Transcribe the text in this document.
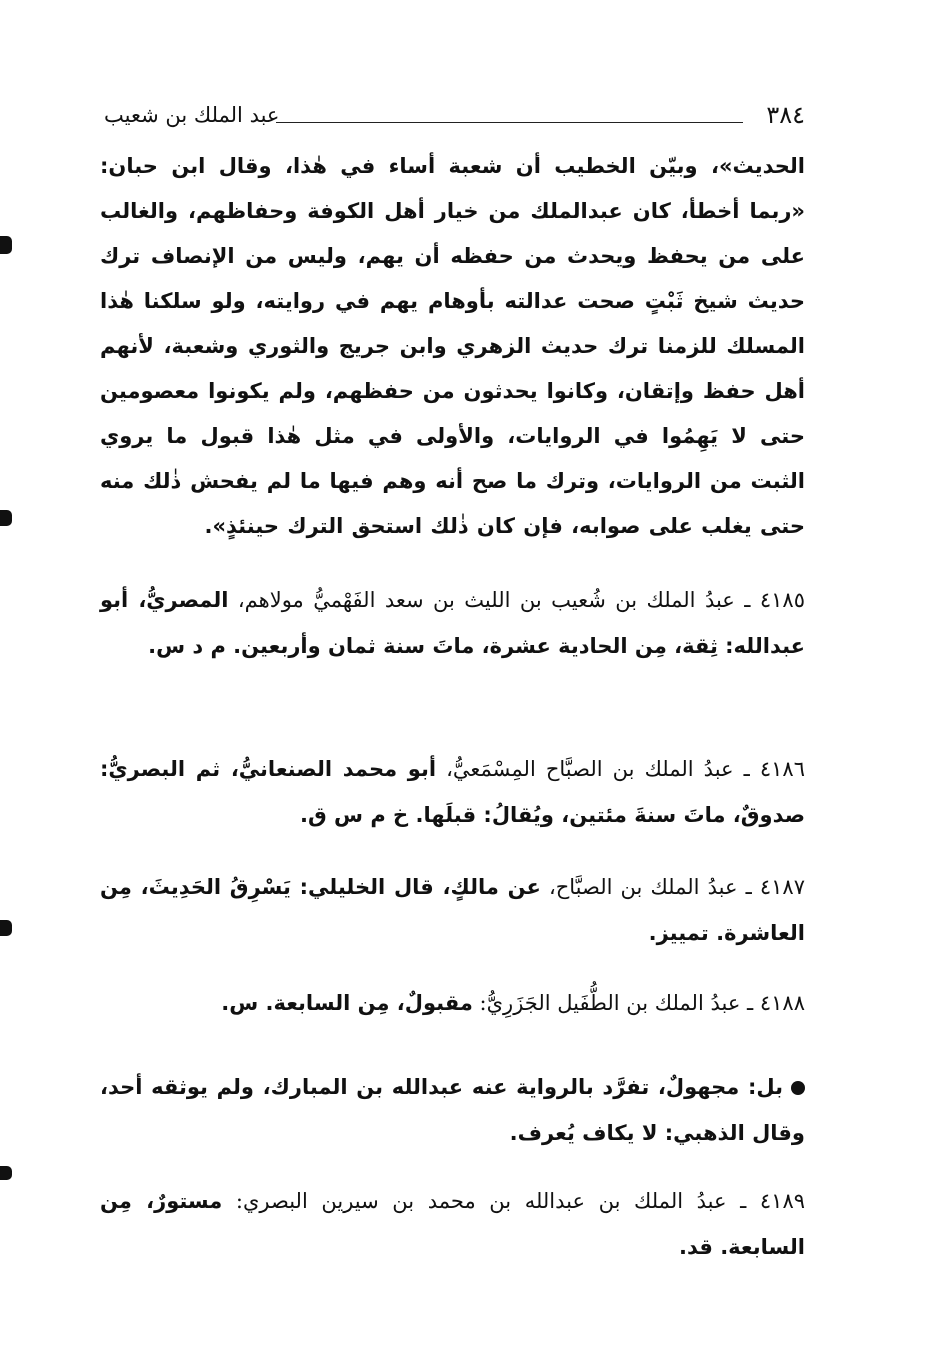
٣٨٤
عبد الملك بن شعيب

الحديث»، وبيّن الخطيب أن شعبة أساء في هٰذا، وقال ابن حبان: «ربما أخطأ، كان عبدالملك من خيار أهل الكوفة وحفاظهم، والغالب على من يحفظ ويحدث من حفظه أن يهم، وليس من الإنصاف ترك حديث شيخ ثَبْتٍ صحت عدالته بأوهام يهم في روايته، ولو سلكنا هٰذا المسلك للزمنا ترك حديث الزهري وابن جريج والثوري وشعبة، لأنهم أهل حفظ وإتقان، وكانوا يحدثون من حفظهم، ولم يكونوا معصومين حتى لا يَهِمُوا في الروايات، والأولى في مثل هٰذا قبول ما يروي الثبت من الروايات، وترك ما صح أنه وهم فيها ما لم يفحش ذٰلك منه حتى يغلب على صوابه، فإن كان ذٰلك استحق الترك حينئذٍ».

٤١٨٥ ـ عبدُ الملك بن شُعيب بن الليث بن سعد الفَهْميُّ مولاهم، المصريُّ، أبو عبدالله: ثِقة، مِن الحادية عشرة، ماتَ سنة ثمان وأربعين. م د س.
٤١٨٦ ـ عبدُ الملك بن الصبَّاح المِسْمَعيُّ، أبو محمد الصنعانيُّ، ثم البصريُّ: صدوقٌ، ماتَ سنةَ مئتين، ويُقالُ: قبلَها. خ م س ق.
٤١٨٧ ـ عبدُ الملك بن الصبَّاح، عن مالكٍ، قال الخليلي: يَسْرِقُ الحَدِيثَ، مِن العاشرة. تمييز.
٤١٨٨ ـ عبدُ الملك بن الطُّفَيل الجَزَرِيُّ: مقبولٌ، مِن السابعة. س.
بل: مجهولٌ، تفرَّد بالرواية عنه عبدالله بن المبارك، ولم يوثقه أحد، وقال الذهبي: لا يكاف يُعرف.
٤١٨٩ ـ عبدُ الملك بن عبدالله بن محمد بن سيرين البصري: مستورٌ، مِن السابعة. قد.
